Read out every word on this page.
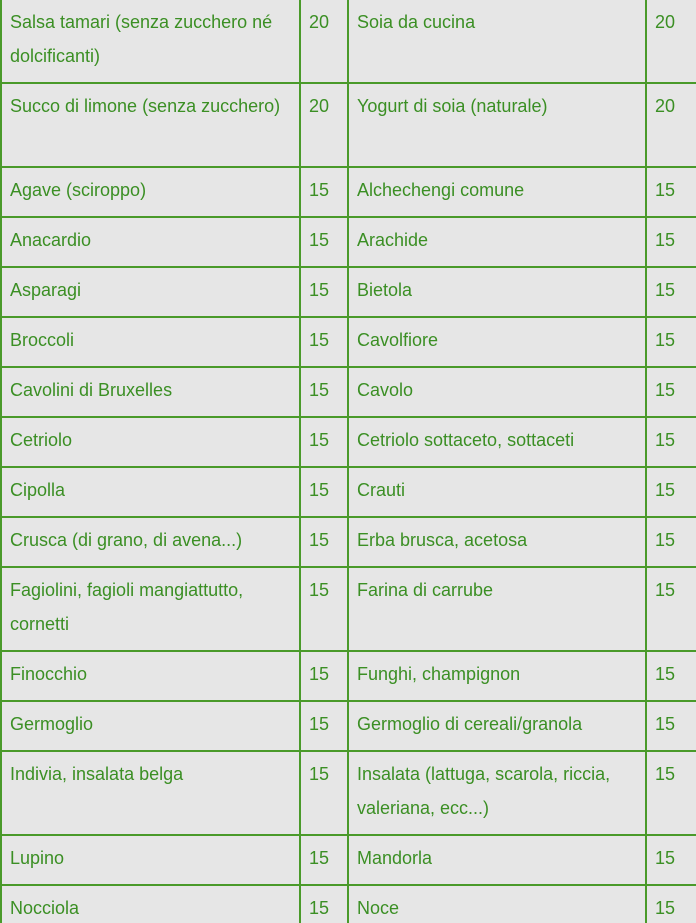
Salsa tamari (senza zucchero né dolcificanti)	20	Soia da cucina	20
Succo di limone (senza zucchero)	20	Yogurt di soia (naturale)	20
Agave (sciroppo)	15	Alchechengi comune	15
Anacardio	15	Arachide	15
Asparagi	15	Bietola	15
Broccoli	15	Cavolfiore	15
Cavolini di Bruxelles	15	Cavolo	15
Cetriolo	15	Cetriolo sottaceto, sottaceti	15
Cipolla	15	Crauti	15
Crusca (di grano, di avena...)	15	Erba brusca, acetosa	15
Fagiolini, fagioli mangiattutto, cornetti	15	Farina di carrube	15
Finocchio	15	Funghi, champignon	15
Germoglio	15	Germoglio di cereali/granola	15
Indivia, insalata belga	15	Insalata (lattuga, scarola, riccia, valeriana, ecc...)	15
Lupino	15	Mandorla	15
Nocciola	15	Noce	15
